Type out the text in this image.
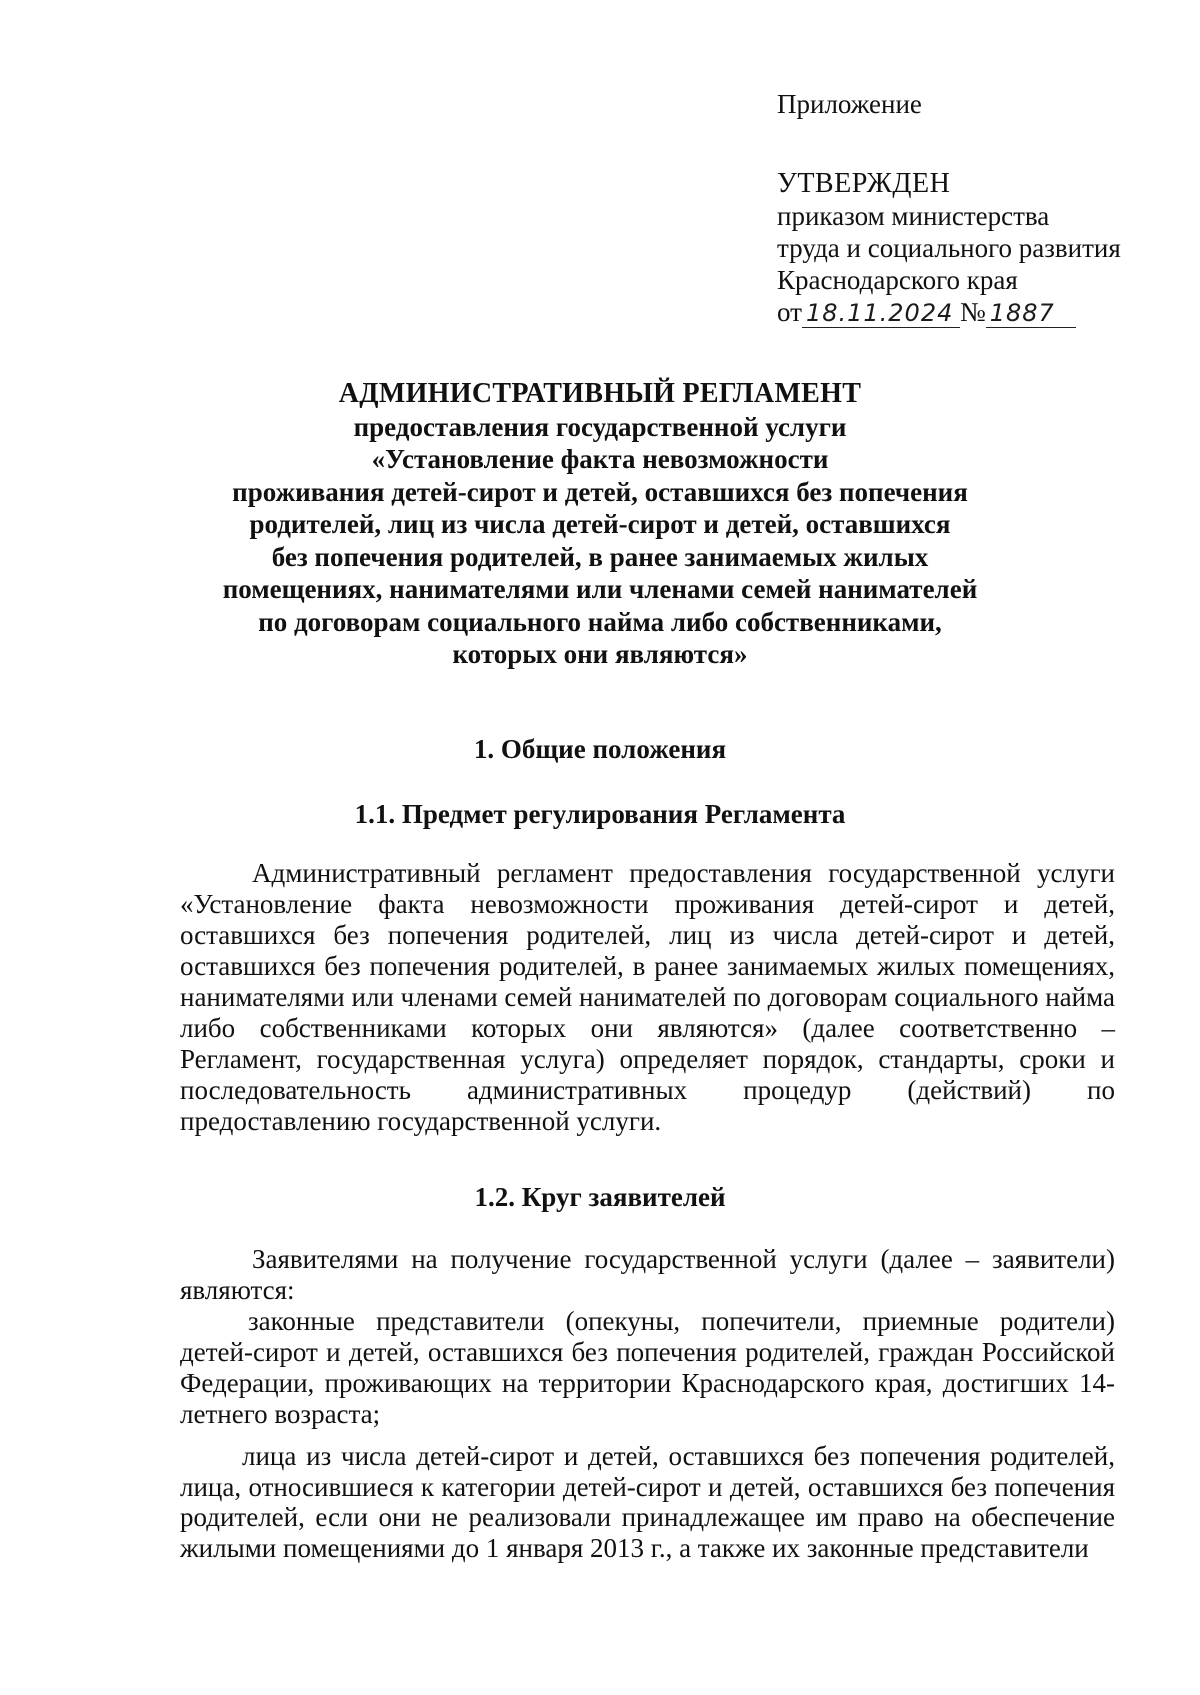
Приложение
УТВЕРЖДЕН
приказом министерства
труда и социального развития
Краснодарского края
от 18.11.2024 № 1887
АДМИНИСТРАТИВНЫЙ РЕГЛАМЕНТ
предоставления государственной услуги
«Установление факта невозможности
проживания детей-сирот и детей, оставшихся без попечения
родителей, лиц из числа детей-сирот и детей, оставшихся
без попечения родителей, в ранее занимаемых жилых
помещениях, нанимателями или членами семей нанимателей
по договорам социального найма либо собственниками,
которых они являются»
1. Общие положения
1.1. Предмет регулирования Регламента

Административный регламент предоставления государственной услуги «Установление факта невозможности проживания детей-сирот и детей, оставшихся без попечения родителей, лиц из числа детей-сирот и детей, оставшихся без попечения родителей, в ранее занимаемых жилых помещениях, нанимателями или членами семей нанимателей по договорам социального найма либо собственниками которых они являются» (далее соответственно – Регламент, государственная услуга) определяет порядок, стандарты, сроки и последовательность административных процедур (действий) по предоставлению государственной услуги.

1.2. Круг заявителей

Заявителями на получение государственной услуги (далее – заявители) являются:

законные представители (опекуны, попечители, приемные родители) детей-сирот и детей, оставшихся без попечения родителей, граждан Российской Федерации, проживающих на территории Краснодарского края, достигших 14-летнего возраста;

лица из числа детей-сирот и детей, оставшихся без попечения родителей, лица, относившиеся к категории детей-сирот и детей, оставшихся без попечения родителей, если они не реализовали принадлежащее им право на обеспечение жилыми помещениями до 1 января 2013 г., а также их законные представители
